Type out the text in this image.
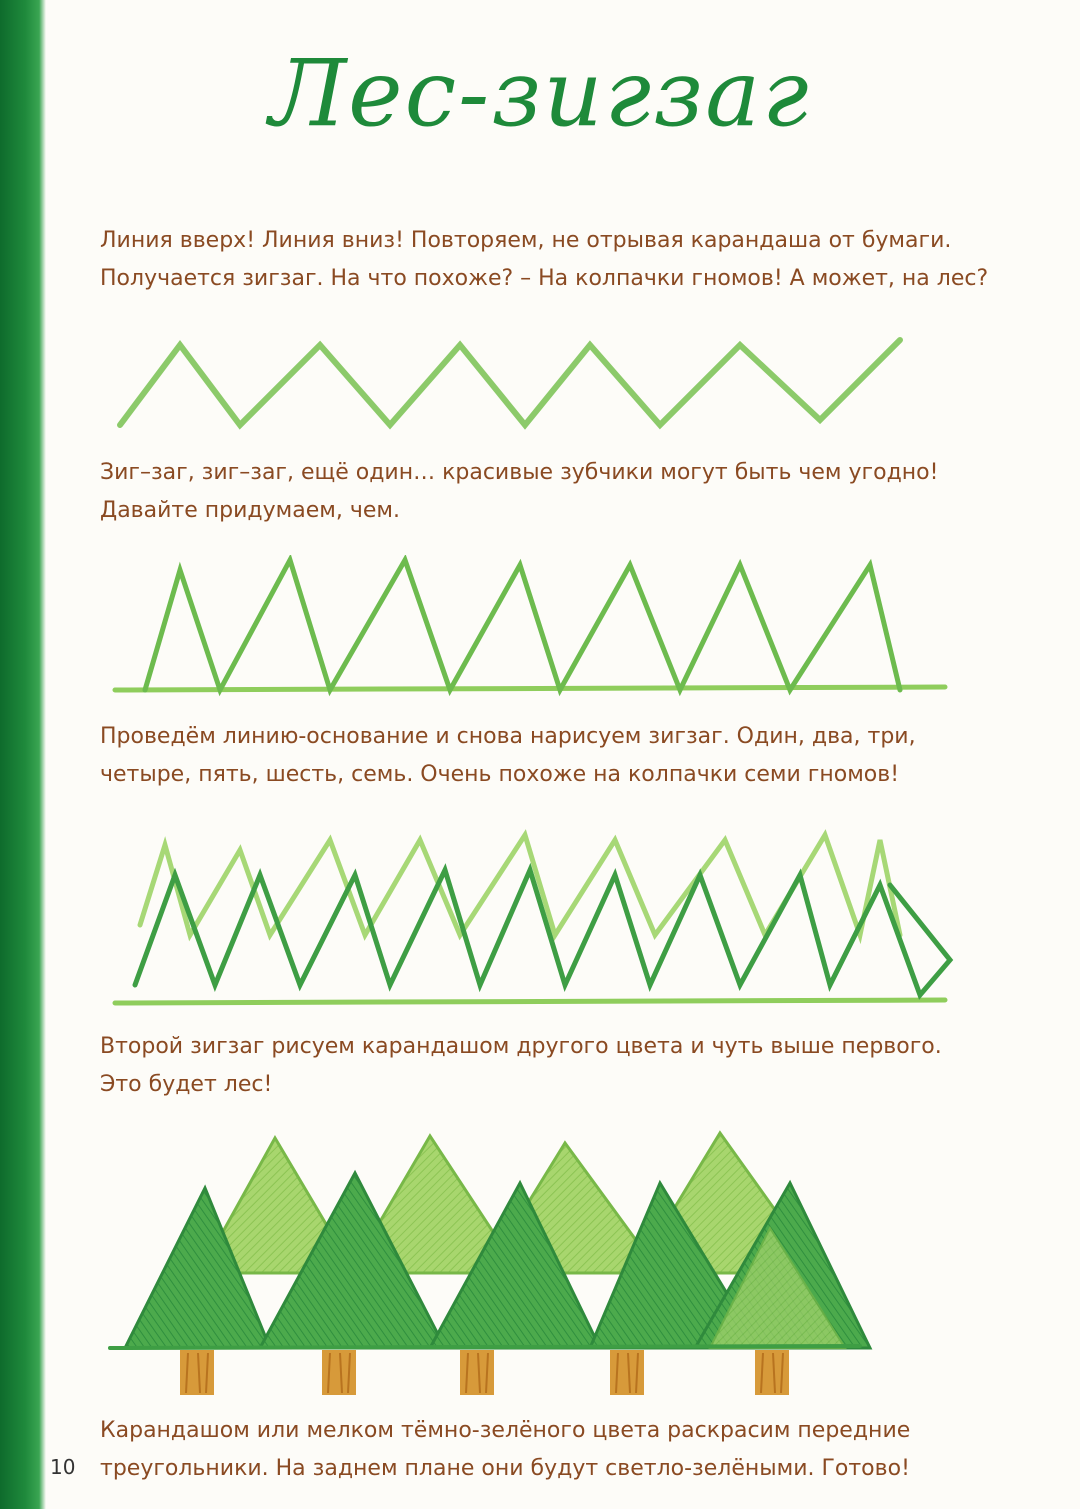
Лес-зигзаг

Линия вверх! Линия вниз! Повторяем, не отрывая карандаша от бумаги.
Получается зигзаг. На что похоже? – На колпачки гномов! А может, на лес?

Зиг–заг, зиг–заг, ещё один… красивые зубчики могут быть чем угодно!
Давайте придумаем, чем.

Проведём линию-основание и снова нарисуем зигзаг. Один, два, три,
четыре, пять, шесть, семь. Очень похоже на колпачки семи гномов!

Второй зигзаг рисуем карандашом другого цвета и чуть выше первого.
Это будет лес!

Карандашом или мелком тёмно-зелёного цвета раскрасим передние
треугольники. На заднем плане они будут светло-зелёными. Готово!

10
